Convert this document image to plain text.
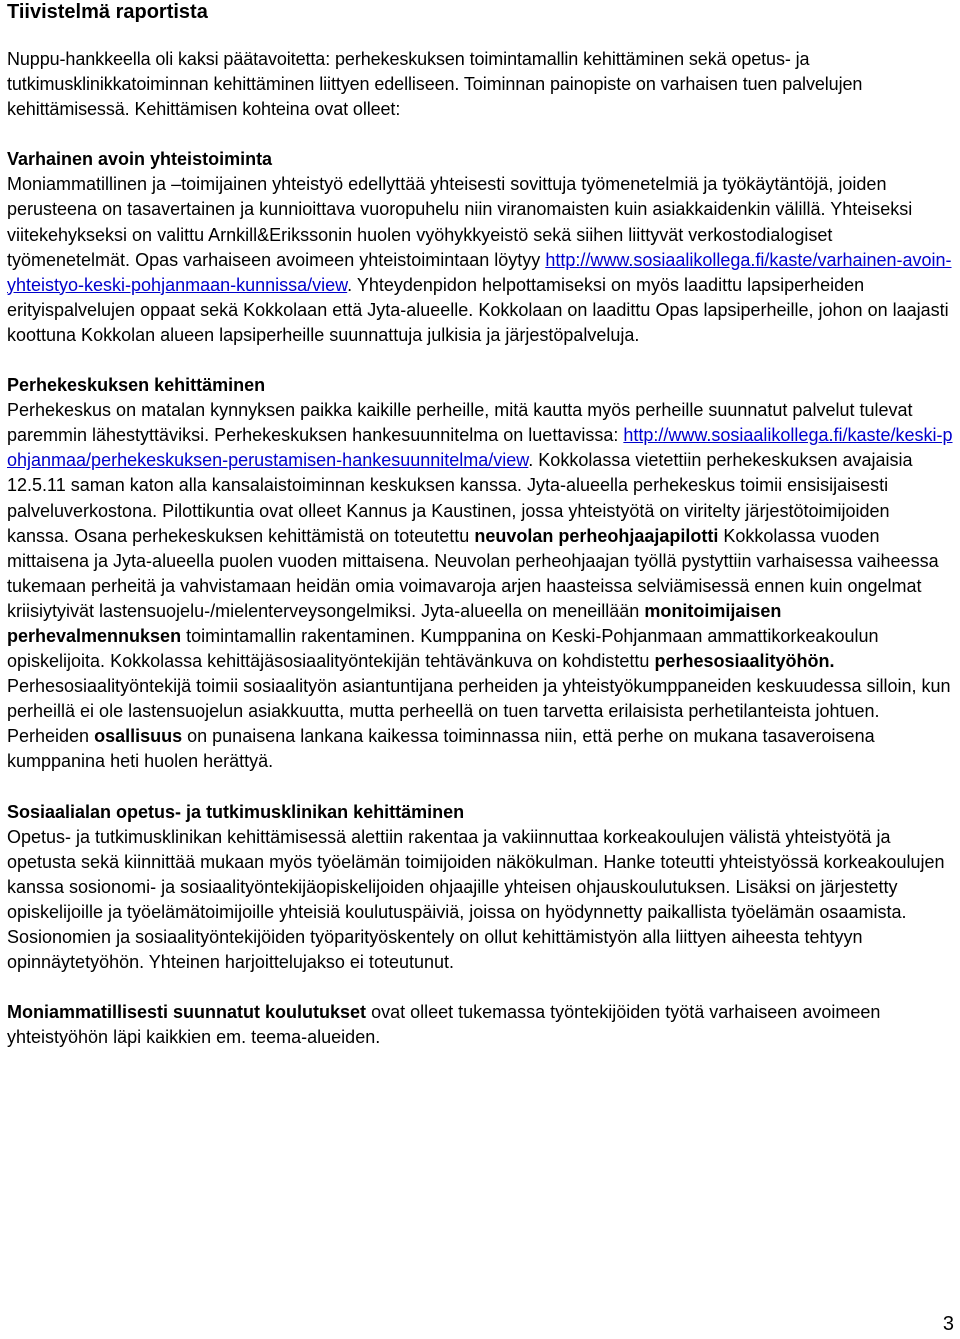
Tiivistelmä raportista

Nuppu-hankkeella oli kaksi päätavoitetta: perhekeskuksen toimintamallin kehittäminen sekä opetus- ja tutkimusklinikkatoiminnan kehittäminen liittyen edelliseen. Toiminnan painopiste on varhaisen tuen palvelujen kehittämisessä. Kehittämisen kohteina ovat olleet:

Varhainen avoin yhteistoiminta

Moniammatillinen ja –toimijainen yhteistyö edellyttää yhteisesti sovittuja työmenetelmiä ja työkäytäntöjä, joiden perusteena on tasavertainen ja kunnioittava vuoropuhelu niin viranomaisten kuin asiakkaidenkin välillä. Yhteiseksi viitekehykseksi on valittu Arnkill&Erikssonin huolen vyöhykkyeistö sekä siihen liittyvät verkostodialogiset työmenetelmät. Opas varhaiseen avoimeen yhteistoimintaan löytyy http://www.sosiaalikollega.fi/kaste/varhainen-avoin-yhteistyo-keski-pohjanmaan-kunnissa/view. Yhteydenpidon helpottamiseksi on myös laadittu lapsiperheiden erityispalvelujen oppaat sekä Kokkolaan että Jyta-alueelle. Kokkolaan on laadittu Opas lapsiperheille, johon on laajasti koottuna Kokkolan alueen lapsiperheille suunnattuja julkisia ja järjestöpalveluja.

Perhekeskuksen kehittäminen

Perhekeskus on matalan kynnyksen paikka kaikille perheille, mitä kautta myös perheille suunnatut palvelut tulevat paremmin lähestyttäviksi. Perhekeskuksen hankesuunnitelma on luettavissa: http://www.sosiaalikollega.fi/kaste/keski-pohjanmaa/perhekeskuksen-perustamisen-hankesuunnitelma/view. Kokkolassa vietettiin perhekeskuksen avajaisia 12.5.11 saman katon alla kansalaistoiminnan keskuksen kanssa. Jyta-alueella perhekeskus toimii ensisijaisesti palveluverkostona. Pilottikuntia ovat olleet Kannus ja Kaustinen, jossa yhteistyötä on viritelty järjestötoimijoiden kanssa. Osana perhekeskuksen kehittämistä on toteutettu neuvolan perheohjaajapilotti Kokkolassa vuoden mittaisena ja Jyta-alueella puolen vuoden mittaisena. Neuvolan perheohjaajan työllä pystyttiin varhaisessa vaiheessa tukemaan perheitä ja vahvistamaan heidän omia voimavaroja arjen haasteissa selviämisessä ennen kuin ongelmat kriisiytyivät lastensuojelu-/mielenterveysongelmiksi. Jyta-alueella on meneillään monitoimijaisen perhevalmennuksen toimintamallin rakentaminen. Kumppanina on Keski-Pohjanmaan ammattikorkeakoulun opiskelijoita. Kokkolassa kehittäjäsosiaalityöntekijän tehtävänkuva on kohdistettu perhesosiaalityöhön. Perhesosiaalityöntekijä toimii sosiaalityön asiantuntijana perheiden ja yhteistyökumppaneiden keskuudessa silloin, kun perheillä ei ole lastensuojelun asiakkuutta, mutta perheellä on tuen tarvetta erilaisista perhetilanteista johtuen. Perheiden osallisuus on punaisena lankana kaikessa toiminnassa niin, että perhe on mukana tasaveroisena kumppanina heti huolen herättyä.

Sosiaalialan opetus- ja tutkimusklinikan kehittäminen

Opetus- ja tutkimusklinikan kehittämisessä alettiin rakentaa ja vakiinnuttaa korkeakoulujen välistä yhteistyötä ja opetusta sekä kiinnittää mukaan myös työelämän toimijoiden näkökulman. Hanke toteutti yhteistyössä korkeakoulujen kanssa sosionomi- ja sosiaalityöntekijäopiskelijoiden ohjaajille yhteisen ohjauskoulutuksen. Lisäksi on järjestetty opiskelijoille ja työelämätoimijoille yhteisiä koulutuspäiviä, joissa on hyödynnetty paikallista työelämän osaamista. Sosionomien ja sosiaalityöntekijöiden työparityöskentely on ollut kehittämistyön alla liittyen aiheesta tehtyyn opinnäytetyöhön. Yhteinen harjoittelujakso ei toteutunut.

Moniammatillisesti suunnatut koulutukset ovat olleet tukemassa työntekijöiden työtä varhaiseen avoimeen yhteistyöhön läpi kaikkien em. teema-alueiden.

3
